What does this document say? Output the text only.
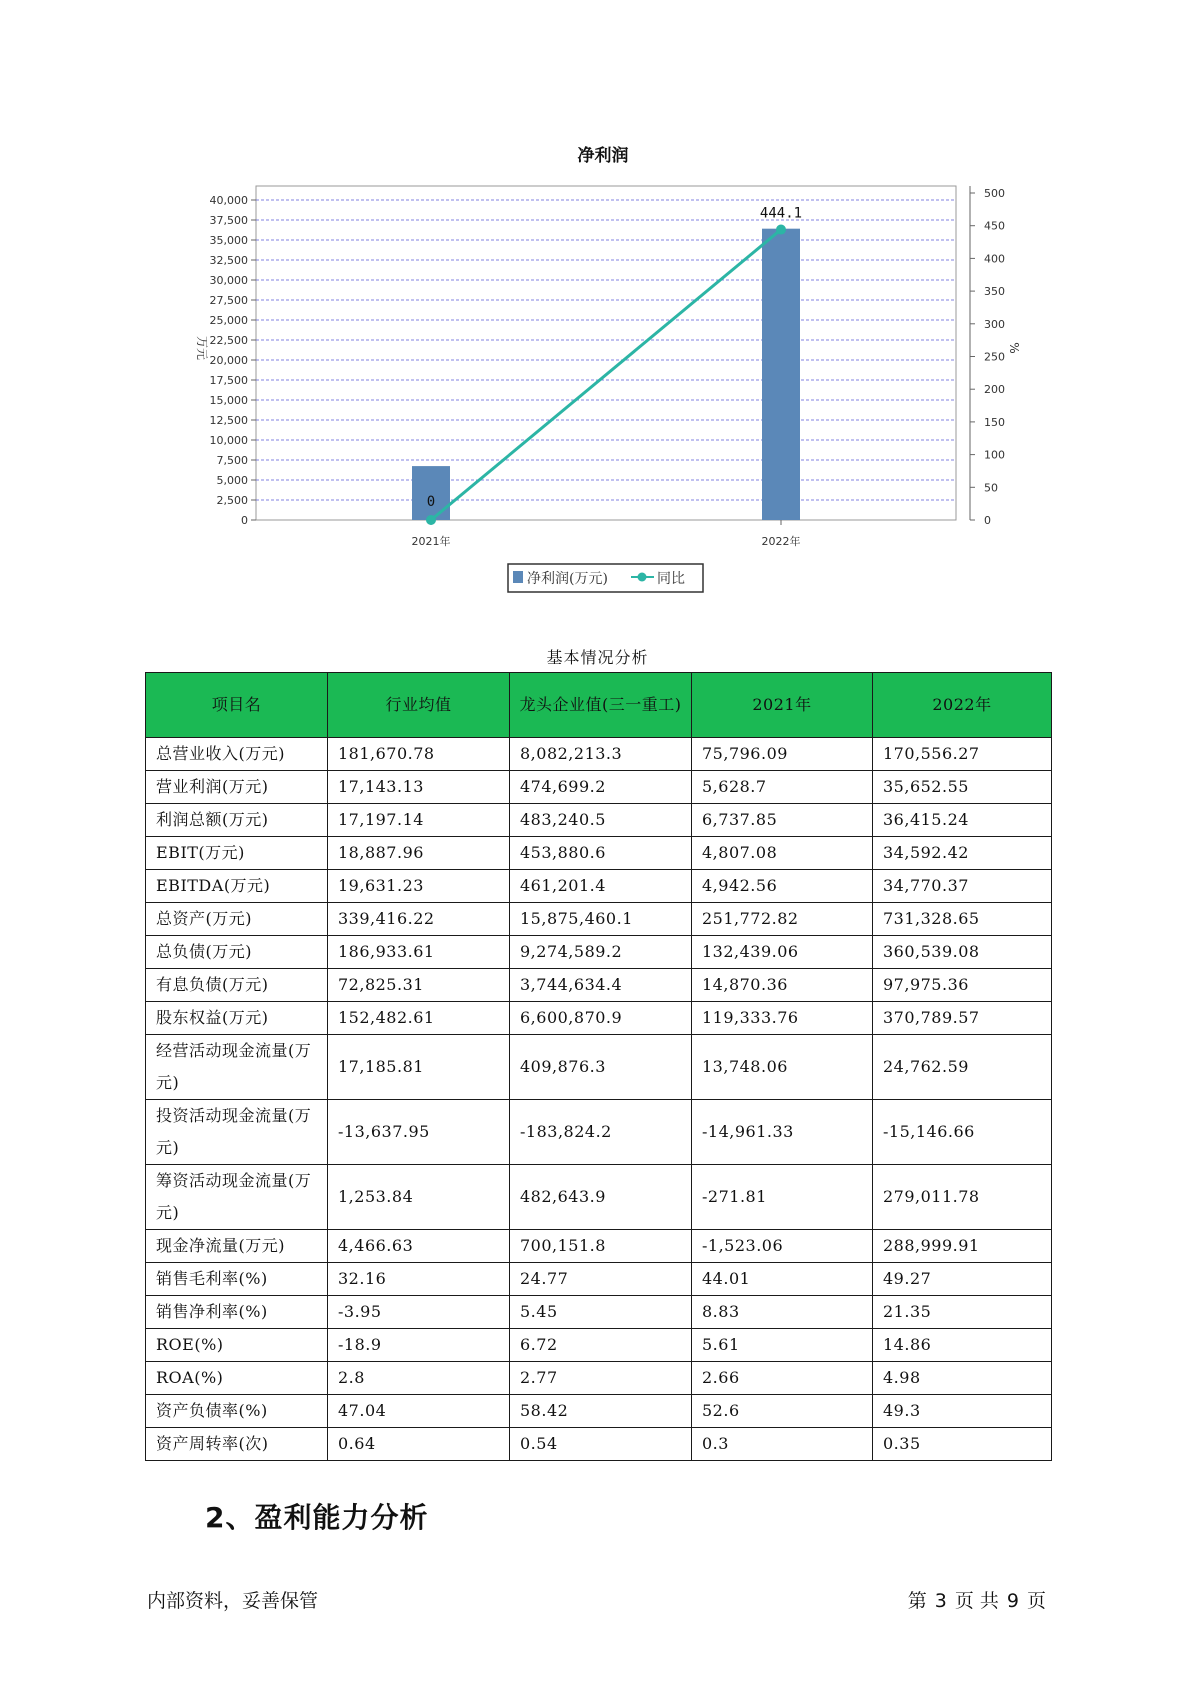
净利润
0
2,500
5,000
7,500
10,000
12,500
15,000
17,500
20,000
22,500
25,000
27,500
30,000
32,500
35,000
37,500
40,000
0
50
100
150
200
250
300
350
400
450
500
万元	%
2021年	2022年
0
444.1
净利润(万元)	同比
基本情况分析
项目名	行业均值	龙头企业值(三一重工)	2021年	2022年
总营业收入(万元)	181,670.78	8,082,213.3	75,796.09	170,556.27
营业利润(万元)	17,143.13	474,699.2	5,628.7	35,652.55
利润总额(万元)	17,197.14	483,240.5	6,737.85	36,415.24
EBIT(万元)	18,887.96	453,880.6	4,807.08	34,592.42
EBITDA(万元)	19,631.23	461,201.4	4,942.56	34,770.37
总资产(万元)	339,416.22	15,875,460.1	251,772.82	731,328.65
总负债(万元)	186,933.61	9,274,589.2	132,439.06	360,539.08
有息负债(万元)	72,825.31	3,744,634.4	14,870.36	97,975.36
股东权益(万元)	152,482.61	6,600,870.9	119,333.76	370,789.57
经营活动现金流量(万元)	17,185.81	409,876.3	13,748.06	24,762.59
投资活动现金流量(万元)	-13,637.95	-183,824.2	-14,961.33	-15,146.66
筹资活动现金流量(万元)	1,253.84	482,643.9	-271.81	279,011.78
现金净流量(万元)	4,466.63	700,151.8	-1,523.06	288,999.91
销售毛利率(%)	32.16	24.77	44.01	49.27
销售净利率(%)	-3.95	5.45	8.83	21.35
ROE(%)	-18.9	6.72	5.61	14.86
ROA(%)	2.8	2.77	2.66	4.98
资产负债率(%)	47.04	58.42	52.6	49.3
资产周转率(次)	0.64	0.54	0.3	0.35
2、盈利能力分析
内部资料，妥善保管	第 3 页 共 9 页
